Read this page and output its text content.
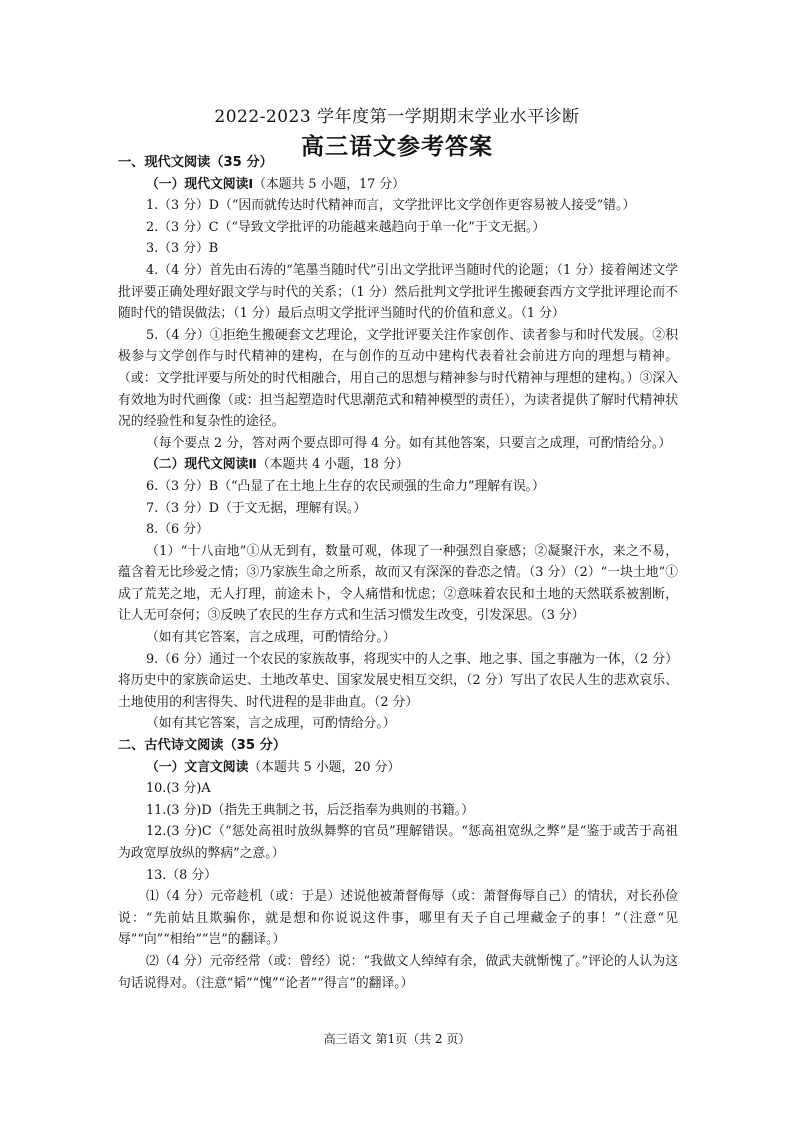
2022-2023 学年度第一学期期末学业水平诊断
高三语文参考答案

一、现代文阅读（35 分）

（一）现代文阅读Ⅰ（本题共 5 小题，17 分）

1.（3 分）D（“因而就传达时代精神而言，文学批评比文学创作更容易被人接受”错。）

2.（3 分）C（“导致文学批评的功能越来越趋向于单一化”于文无据。）

3.（3 分）B

4.（4 分）首先由石涛的“笔墨当随时代”引出文学批评当随时代的论题；（1 分）接着阐述文学批评要正确处理好跟文学与时代的关系；（1 分）然后批判文学批评生搬硬套西方文学批评理论而不随时代的错误做法；（1 分）最后点明文学批评当随时代的价值和意义。（1 分）

5.（4 分）①拒绝生搬硬套文艺理论，文学批评要关注作家创作、读者参与和时代发展。②积极参与文学创作与时代精神的建构，在与创作的互动中建构代表着社会前进方向的理想与精神。（或：文学批评要与所处的时代相融合，用自己的思想与精神参与时代精神与理想的建构。）③深入有效地为时代画像（或：担当起塑造时代思潮范式和精神模型的责任），为读者提供了解时代精神状况的经验性和复杂性的途径。

（每个要点 2 分，答对两个要点即可得 4 分。如有其他答案，只要言之成理，可酌情给分。）

（二）现代文阅读Ⅱ（本题共 4 小题，18 分）

6.（3 分）B（“凸显了在土地上生存的农民顽强的生命力”理解有误。）

7.（3 分）D（于文无据，理解有误。）

8.（6 分）

（1）“十八亩地”①从无到有，数量可观，体现了一种强烈自豪感；②凝聚汗水，来之不易，蕴含着无比珍爱之情；③乃家族生命之所系，故而又有深深的眷恋之情。（3 分）（2）“一块土地”①成了荒芜之地，无人打理，前途未卜，令人痛惜和忧虑；②意味着农民和土地的天然联系被割断，让人无可奈何；③反映了农民的生存方式和生活习惯发生改变，引发深思。（3 分）

（如有其它答案，言之成理，可酌情给分。）

9.（6 分）通过一个农民的家族故事，将现实中的人之事、地之事、国之事融为一体，（2 分）将历史中的家族命运史、土地改革史、国家发展史相互交织，（2 分）写出了农民人生的悲欢哀乐、土地使用的利害得失、时代进程的是非曲直。（2 分）

（如有其它答案，言之成理，可酌情给分。）

二、古代诗文阅读（35 分）

（一）文言文阅读（本题共 5 小题，20 分）

10.(3 分)A

11.(3 分)D（指先王典制之书，后泛指奉为典则的书籍。）

12.(3 分)C（“惩处高祖时放纵舞弊的官员”理解错误。“惩高祖宽纵之弊”是“鉴于或苦于高祖为政宽厚放纵的弊病”之意。）

13.（8 分）

⑴（4 分）元帝趁机（或：于是）述说他被萧督侮辱（或：萧督侮辱自己）的情状，对长孙俭说：“先前姑且欺骗你，就是想和你说说这件事，哪里有天子自己埋藏金子的事！”（注意“见辱”“向”“相绐”“岂”的翻译。）

⑵（4 分）元帝经常（或：曾经）说：“我做文人绰绰有余，做武夫就惭愧了。”评论的人认为这句话说得对。（注意“韬”“愧”“论者”“得言”的翻译。）

高三语文 第1页（共 2 页）
